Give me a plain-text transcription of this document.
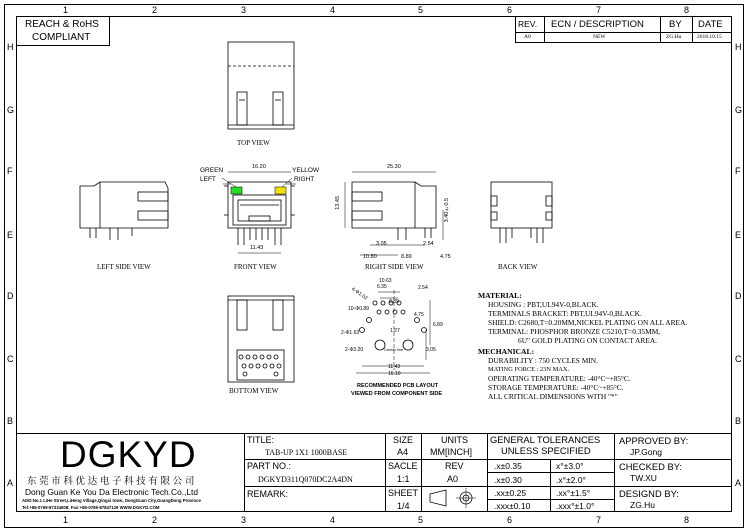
1	2	3	4	5	6	7	8
1	2	3	4	5	6	7	8
H
G
F
E
D
C
B
A
H
G
F
E
D
C
B
A
REACH & RoHS
COMPLIANT
REV. ECN / DESCRIPTION	BY DATE
A0	NEW	ZG.Hu	2018.10.15
TOP VIEW
LEFT SIDE VIEW	FRONT VIEW	RIGHT SIDE VIEW	BACK VIEW
BOTTOM VIEW
RECOMMENDED PCB LAYOUT
VIEWED FROM COMPONENT SIDE
GREEN
LEFT
YELLOW
RIGHT
16.20
11.43
25.30
13.45	3.40±0.5
3.05	2.54
10.80	8.89	4.75
4-Φ1.02 6.35
10.63
2.54
10-Φ0.89
8.89
1.27
4.75
2-Φ1.63
2-Φ3.20	3.05
11.43
16.10
6.89
Center line
MATERIAL:
HOUSING : PBT,UL94V-0,BLACK.
TERMINALS BRACKET: PBT,UL94V-0,BLACK.
SHIELD: C2680,T=0.20MM,NICKEL PLATING ON ALL AREA.
TERMINAL: PHOSPHOR BRONZE C5210,T=0.35MM,
6U" GOLD PLATING ON CONTACT AREA.
MECHANICAL:
DURABILITY : 750 CYCLES MIN.
MATING FORCE : 23N MAX.
OPERATING TEMPERATURE: -40°C~+85°C.
STORAGE TEMPERATURE: -40°C~+85°C.
ALL CRITICAL DIMENSIONS WITH "*"
DGKYD
东 莞 市 科 优 达 电 子 科 技 有 限 公 司
Dong Guan Ke You Da Electronic Tech.Co.,Ltd
ADD:No.1 LiHe Street,LiHeng Village,Qingxi town, DongGuan City,GuangDong Province
Tel:+86-0769-87334608; Fax:+86-0769-87847129 WWW.DGKYD.COM
TITLE:
TAB-UP 1X1 1000BASE
PART NO.:
DGKYD311Q070DC2A4DN
REMARK:
SIZE
A4
UNITS
MM[INCH]
SACLE
1:1
REV
A0
SHEET
1/4
GENERAL TOLERANCES
UNLESS SPECIFIED
.x±0.35	x°±3.0°
.x±0.30	.x°±2.0°
.xx±0.25	.xx°±1.5°
.xxx±0.10	.xxx°±1.0°
APPROVED BY:
JP.Gong
CHECKED BY:
TW.XU
DESIGND BY:
ZG.Hu
